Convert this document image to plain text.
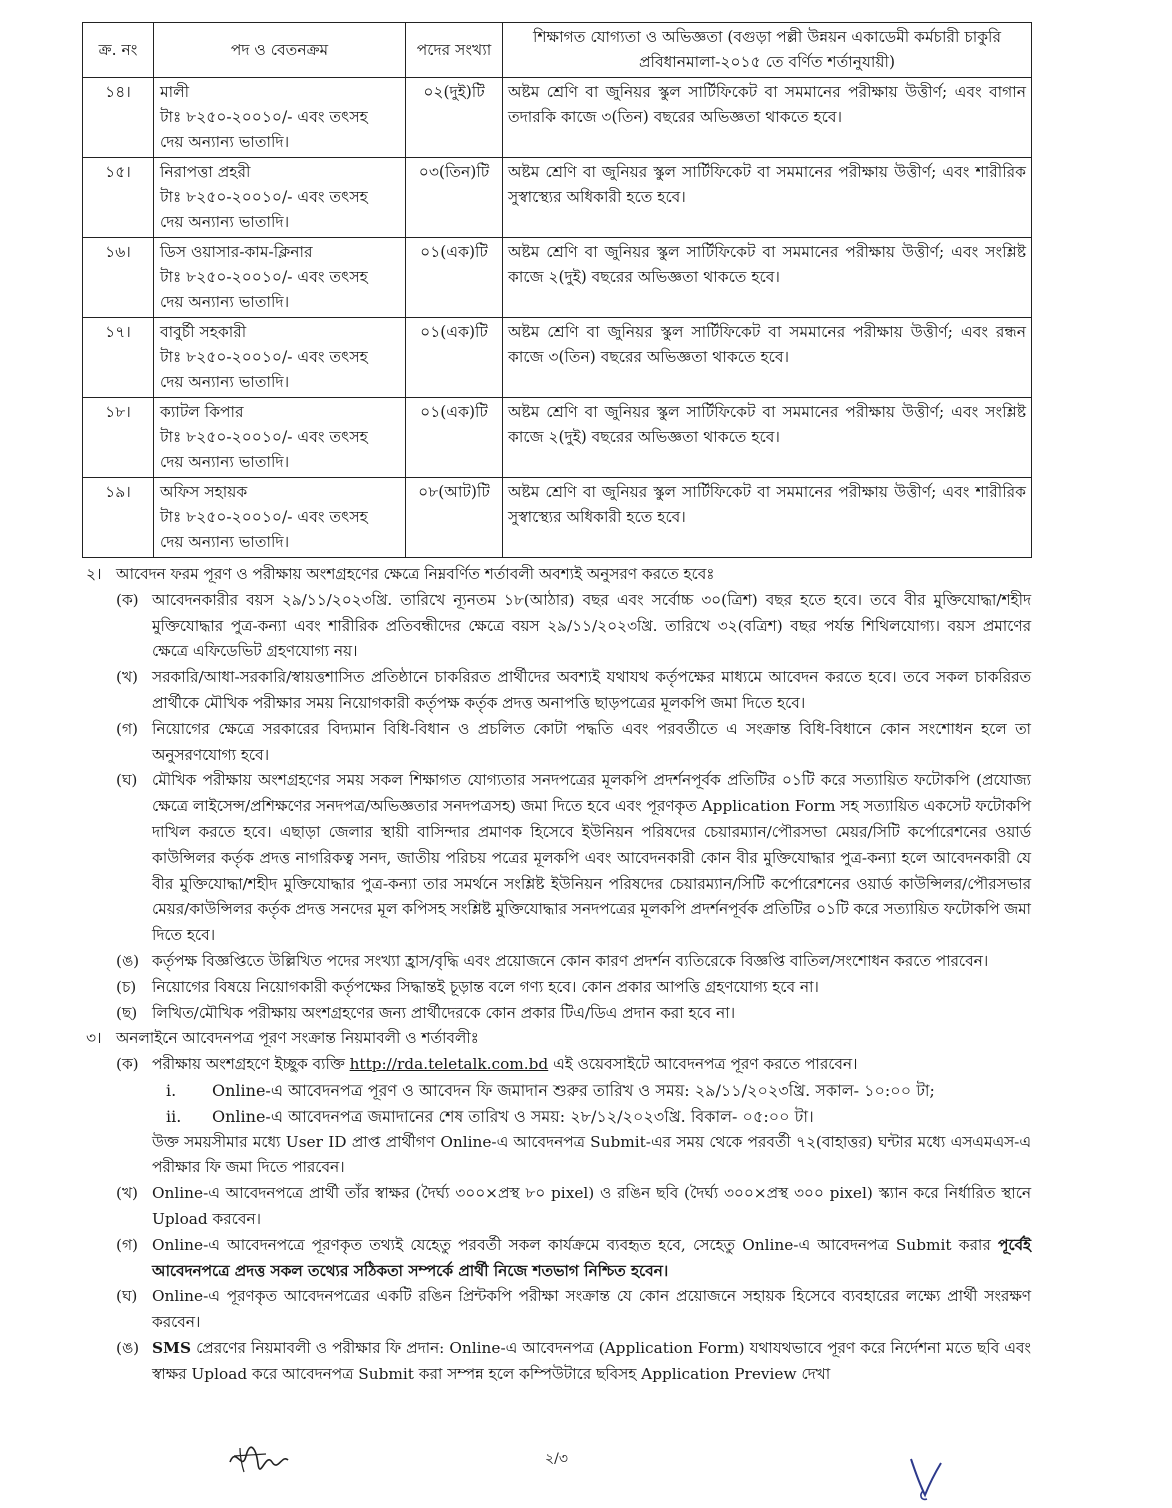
ক্র. নং	পদ ও বেতনক্রম	পদের সংখ্যা	শিক্ষাগত যোগ্যতা ও অভিজ্ঞতা (বগুড়া পল্লী উন্নয়ন একাডেমী কর্মচারী চাকুরি প্রবিধানমালা-২০১৫ তে বর্ণিত শর্তানুযায়ী)
১৪।	মালী
টাঃ ৮২৫০-২০০১০/- এবং তৎসহ
দেয় অন্যান্য ভাতাদি।	০২(দুই)টি	অষ্টম শ্রেণি বা জুনিয়র স্কুল সার্টিফিকেট বা সমমানের পরীক্ষায় উত্তীর্ণ; এবং বাগান তদারকি কাজে ৩(তিন) বছরের অভিজ্ঞতা থাকতে হবে।
১৫।	নিরাপত্তা প্রহরী
টাঃ ৮২৫০-২০০১০/- এবং তৎসহ
দেয় অন্যান্য ভাতাদি।	০৩(তিন)টি	অষ্টম শ্রেণি বা জুনিয়র স্কুল সার্টিফিকেট বা সমমানের পরীক্ষায় উত্তীর্ণ; এবং শারীরিক সুস্বাস্থ্যের অধিকারী হতে হবে।
১৬।	ডিস ওয়াসার-কাম-ক্লিনার
টাঃ ৮২৫০-২০০১০/- এবং তৎসহ
দেয় অন্যান্য ভাতাদি।	০১(এক)টি	অষ্টম শ্রেণি বা জুনিয়র স্কুল সার্টিফিকেট বা সমমানের পরীক্ষায় উত্তীর্ণ; এবং সংশ্লিষ্ট কাজে ২(দুই) বছরের অভিজ্ঞতা থাকতে হবে।
১৭।	বাবুর্চী সহকারী
টাঃ ৮২৫০-২০০১০/- এবং তৎসহ
দেয় অন্যান্য ভাতাদি।	০১(এক)টি	অষ্টম শ্রেণি বা জুনিয়র স্কুল সার্টিফিকেট বা সমমানের পরীক্ষায় উত্তীর্ণ; এবং রন্ধন কাজে ৩(তিন) বছরের অভিজ্ঞতা থাকতে হবে।
১৮।	ক্যাটল কিপার
টাঃ ৮২৫০-২০০১০/- এবং তৎসহ
দেয় অন্যান্য ভাতাদি।	০১(এক)টি	অষ্টম শ্রেণি বা জুনিয়র স্কুল সার্টিফিকেট বা সমমানের পরীক্ষায় উত্তীর্ণ; এবং সংশ্লিষ্ট কাজে ২(দুই) বছরের অভিজ্ঞতা থাকতে হবে।
১৯।	অফিস সহায়ক
টাঃ ৮২৫০-২০০১০/- এবং তৎসহ
দেয় অন্যান্য ভাতাদি।	০৮(আট)টি	অষ্টম শ্রেণি বা জুনিয়র স্কুল সার্টিফিকেট বা সমমানের পরীক্ষায় উত্তীর্ণ; এবং শারীরিক সুস্বাস্থ্যের অধিকারী হতে হবে।
২। আবেদন ফরম পূরণ ও পরীক্ষায় অংশগ্রহণের ক্ষেত্রে নিম্নবর্ণিত শর্তাবলী অবশ্যই অনুসরণ করতে হবেঃ
(ক) আবেদনকারীর বয়স ২৯/১১/২০২৩খ্রি. তারিখে ন্যূনতম ১৮(আঠার) বছর এবং সর্বোচ্চ ৩০(ত্রিশ) বছর হতে হবে। তবে বীর মুক্তিযোদ্ধা/শহীদ মুক্তিযোদ্ধার পুত্র-কন্যা এবং শারীরিক প্রতিবন্ধীদের ক্ষেত্রে বয়স ২৯/১১/২০২৩খ্রি. তারিখে ৩২(বত্রিশ) বছর পর্যন্ত শিথিলযোগ্য। বয়স প্রমাণের ক্ষেত্রে এফিডেভিট গ্রহণযোগ্য নয়।
(খ) সরকারি/আধা-সরকারি/স্বায়ত্তশাসিত প্রতিষ্ঠানে চাকরিরত প্রার্থীদের অবশ্যই যথাযথ কর্তৃপক্ষের মাধ্যমে আবেদন করতে হবে। তবে সকল চাকরিরত প্রার্থীকে মৌখিক পরীক্ষার সময় নিয়োগকারী কর্তৃপক্ষ কর্তৃক প্রদত্ত অনাপত্তি ছাড়পত্রের মূলকপি জমা দিতে হবে।
(গ) নিয়োগের ক্ষেত্রে সরকারের বিদ্যমান বিধি-বিধান ও প্রচলিত কোটা পদ্ধতি এবং পরবর্তীতে এ সংক্রান্ত বিধি-বিধানে কোন সংশোধন হলে তা অনুসরণযোগ্য হবে।
(ঘ) মৌখিক পরীক্ষায় অংশগ্রহণের সময় সকল শিক্ষাগত যোগ্যতার সনদপত্রের মূলকপি প্রদর্শনপূর্বক প্রতিটির ০১টি করে সত্যায়িত ফটোকপি (প্রযোজ্য ক্ষেত্রে লাইসেন্স/প্রশিক্ষণের সনদপত্র/অভিজ্ঞতার সনদপত্রসহ) জমা দিতে হবে এবং পূরণকৃত Application Form সহ সত্যায়িত একসেট ফটোকপি দাখিল করতে হবে। এছাড়া জেলার স্থায়ী বাসিন্দার প্রমাণক হিসেবে ইউনিয়ন পরিষদের চেয়ারম্যান/পৌরসভা মেয়র/সিটি কর্পোরেশনের ওয়ার্ড কাউন্সিলর কর্তৃক প্রদত্ত নাগরিকত্ব সনদ, জাতীয় পরিচয় পত্রের মূলকপি এবং আবেদনকারী কোন বীর মুক্তিযোদ্ধার পুত্র-কন্যা হলে আবেদনকারী যে বীর মুক্তিযোদ্ধা/শহীদ মুক্তিযোদ্ধার পুত্র-কন্যা তার সমর্থনে সংশ্লিষ্ট ইউনিয়ন পরিষদের চেয়ারম্যান/সিটি কর্পোরেশনের ওয়ার্ড কাউন্সিলর/পৌরসভার মেয়র/কাউন্সিলর কর্তৃক প্রদত্ত সনদের মূল কপিসহ সংশ্লিষ্ট মুক্তিযোদ্ধার সনদপত্রের মূলকপি প্রদর্শনপূর্বক প্রতিটির ০১টি করে সত্যায়িত ফটোকপি জমা দিতে হবে।
(ঙ) কর্তৃপক্ষ বিজ্ঞপ্তিতে উল্লিখিত পদের সংখ্যা হ্রাস/বৃদ্ধি এবং প্রয়োজনে কোন কারণ প্রদর্শন ব্যতিরেকে বিজ্ঞপ্তি বাতিল/সংশোধন করতে পারবেন।
(চ)	নিয়োগের বিষয়ে নিয়োগকারী কর্তৃপক্ষের সিদ্ধান্তই চূড়ান্ত বলে গণ্য হবে। কোন প্রকার আপত্তি গ্রহণযোগ্য হবে না।
(ছ) লিখিত/মৌখিক পরীক্ষায় অংশগ্রহণের জন্য প্রার্থীদেরকে কোন প্রকার টিএ/ডিএ প্রদান করা হবে না।
৩। অনলাইনে আবেদনপত্র পূরণ সংক্রান্ত নিয়মাবলী ও শর্তাবলীঃ
(ক) পরীক্ষায় অংশগ্রহণে ইচ্ছুক ব্যক্তি http://rda.teletalk.com.bd এই ওয়েবসাইটে আবেদনপত্র পূরণ করতে পারবেন।
i.	Online-এ আবেদনপত্র পূরণ ও আবেদন ফি জমাদান শুরুর তারিখ ও সময়: ২৯/১১/২০২৩খ্রি. সকাল- ১০:০০ টা;
ii.	Online-এ আবেদনপত্র জমাদানের শেষ তারিখ ও সময়: ২৮/১২/২০২৩খ্রি. বিকাল- ০৫:০০ টা।
উক্ত সময়সীমার মধ্যে User ID প্রাপ্ত প্রার্থীগণ Online-এ আবেদনপত্র Submit-এর সময় থেকে পরবর্তী ৭২(বাহাত্তর) ঘন্টার মধ্যে এসএমএস-এ পরীক্ষার ফি জমা দিতে পারবেন।
(খ) Online-এ আবেদনপত্রে প্রার্থী তাঁর স্বাক্ষর (দৈর্ঘ্য ৩০০×প্রস্থ ৮০ pixel) ও রঙিন ছবি (দৈর্ঘ্য ৩০০×প্রস্থ ৩০০ pixel) স্ক্যান করে নির্ধারিত স্থানে Upload করবেন।
(গ) Online-এ আবেদনপত্রে পূরণকৃত তথ্যই যেহেতু পরবর্তী সকল কার্যক্রমে ব্যবহৃত হবে, সেহেতু Online-এ আবেদনপত্র Submit করার পূর্বেই আবেদনপত্রে প্রদত্ত সকল তথ্যের সঠিকতা সম্পর্কে প্রার্থী নিজে শতভাগ নিশ্চিত হবেন।
(ঘ) Online-এ পূরণকৃত আবেদনপত্রের একটি রঙিন প্রিন্টকপি পরীক্ষা সংক্রান্ত যে কোন প্রয়োজনে সহায়ক হিসেবে ব্যবহারের লক্ষ্যে প্রার্থী সংরক্ষণ করবেন।
(ঙ) SMS প্রেরণের নিয়মাবলী ও পরীক্ষার ফি প্রদান: Online-এ আবেদনপত্র (Application Form) যথাযথভাবে পূরণ করে নির্দেশনা মতে ছবি এবং স্বাক্ষর Upload করে আবেদনপত্র Submit করা সম্পন্ন হলে কম্পিউটারে ছবিসহ Application Preview দেখা
২/৩
